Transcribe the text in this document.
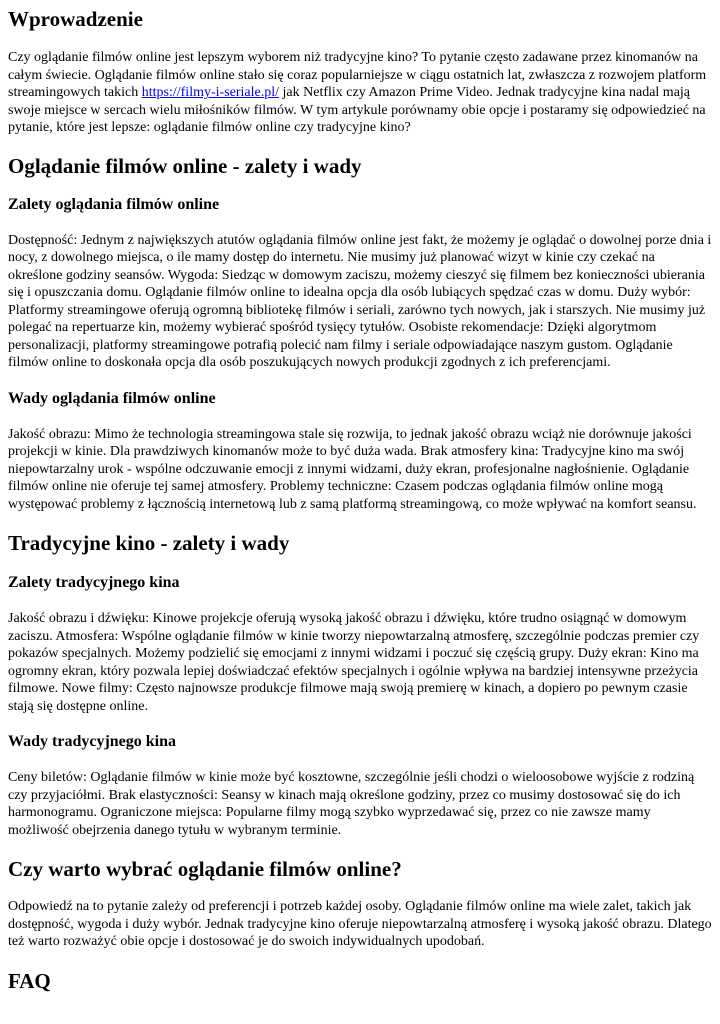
Wprowadzenie

Czy oglądanie filmów online jest lepszym wyborem niż tradycyjne kino? To pytanie często zadawane przez kinomanów na całym świecie. Oglądanie filmów online stało się coraz popularniejsze w ciągu ostatnich lat, zwłaszcza z rozwojem platform streamingowych takich https://filmy-i-seriale.pl/ jak Netflix czy Amazon Prime Video. Jednak tradycyjne kina nadal mają swoje miejsce w sercach wielu miłośników filmów. W tym artykule porównamy obie opcje i postaramy się odpowiedzieć na pytanie, które jest lepsze: oglądanie filmów online czy tradycyjne kino?

Oglądanie filmów online - zalety i wady
Zalety oglądania filmów online

Dostępność: Jednym z największych atutów oglądania filmów online jest fakt, że możemy je oglądać o dowolnej porze dnia i nocy, z dowolnego miejsca, o ile mamy dostęp do internetu. Nie musimy już planować wizyt w kinie czy czekać na określone godziny seansów. Wygoda: Siedząc w domowym zaciszu, możemy cieszyć się filmem bez konieczności ubierania się i opuszczania domu. Oglądanie filmów online to idealna opcja dla osób lubiących spędzać czas w domu. Duży wybór: Platformy streamingowe oferują ogromną bibliotekę filmów i seriali, zarówno tych nowych, jak i starszych. Nie musimy już polegać na repertuarze kin, możemy wybierać spośród tysięcy tytułów. Osobiste rekomendacje: Dzięki algorytmom personalizacji, platformy streamingowe potrafią polecić nam filmy i seriale odpowiadające naszym gustom. Oglądanie filmów online to doskonała opcja dla osób poszukujących nowych produkcji zgodnych z ich preferencjami.

Wady oglądania filmów online

Jakość obrazu: Mimo że technologia streamingowa stale się rozwija, to jednak jakość obrazu wciąż nie dorównuje jakości projekcji w kinie. Dla prawdziwych kinomanów może to być duża wada. Brak atmosfery kina: Tradycyjne kino ma swój niepowtarzalny urok - wspólne odczuwanie emocji z innymi widzami, duży ekran, profesjonalne nagłośnienie. Oglądanie filmów online nie oferuje tej samej atmosfery. Problemy techniczne: Czasem podczas oglądania filmów online mogą występować problemy z łącznością internetową lub z samą platformą streamingową, co może wpływać na komfort seansu.

Tradycyjne kino - zalety i wady
Zalety tradycyjnego kina

Jakość obrazu i dźwięku: Kinowe projekcje oferują wysoką jakość obrazu i dźwięku, które trudno osiągnąć w domowym zaciszu. Atmosfera: Wspólne oglądanie filmów w kinie tworzy niepowtarzalną atmosferę, szczególnie podczas premier czy pokazów specjalnych. Możemy podzielić się emocjami z innymi widzami i poczuć się częścią grupy. Duży ekran: Kino ma ogromny ekran, który pozwala lepiej doświadczać efektów specjalnych i ogólnie wpływa na bardziej intensywne przeżycia filmowe. Nowe filmy: Często najnowsze produkcje filmowe mają swoją premierę w kinach, a dopiero po pewnym czasie stają się dostępne online.

Wady tradycyjnego kina

Ceny biletów: Oglądanie filmów w kinie może być kosztowne, szczególnie jeśli chodzi o wieloosobowe wyjście z rodziną czy przyjaciółmi. Brak elastyczności: Seansy w kinach mają określone godziny, przez co musimy dostosować się do ich harmonogramu. Ograniczone miejsca: Popularne filmy mogą szybko wyprzedawać się, przez co nie zawsze mamy możliwość obejrzenia danego tytułu w wybranym terminie.

Czy warto wybrać oglądanie filmów online?

Odpowiedź na to pytanie zależy od preferencji i potrzeb każdej osoby. Oglądanie filmów online ma wiele zalet, takich jak dostępność, wygoda i duży wybór. Jednak tradycyjne kino oferuje niepowtarzalną atmosferę i wysoką jakość obrazu. Dlatego też warto rozważyć obie opcje i dostosować je do swoich indywidualnych upodobań.

FAQ
